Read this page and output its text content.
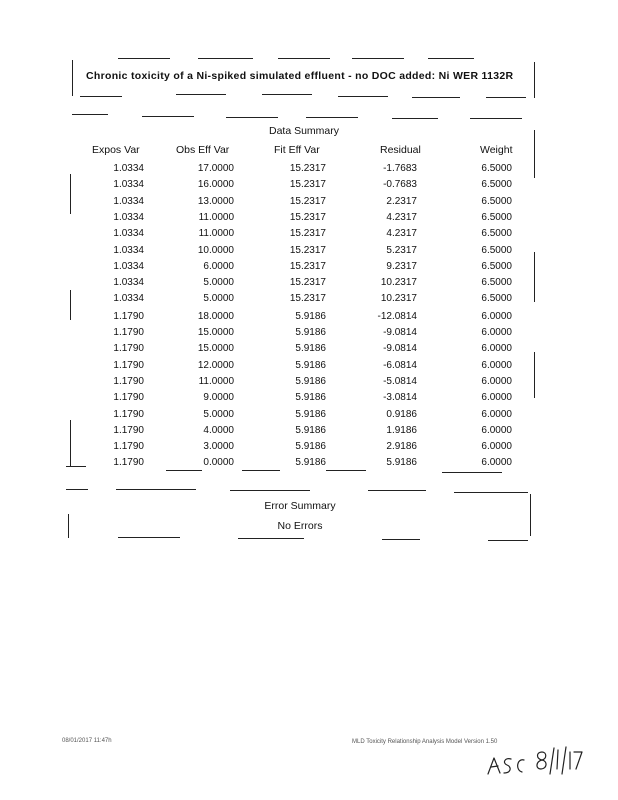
Chronic toxicity of a Ni-spiked simulated effluent - no DOC added: Ni WER 1132R
Data Summary
Expos Var	Obs Eff Var	Fit Eff Var	Residual	Weight
1.0334	17.0000	15.2317	-1.7683	6.5000
1.0334	16.0000	15.2317	-0.7683	6.5000
1.0334	13.0000	15.2317	2.2317	6.5000
1.0334	11.0000	15.2317	4.2317	6.5000
1.0334	11.0000	15.2317	4.2317	6.5000
1.0334	10.0000	15.2317	5.2317	6.5000
1.0334	6.0000	15.2317	9.2317	6.5000
1.0334	5.0000	15.2317	10.2317	6.5000
1.0334	5.0000	15.2317	10.2317	6.5000
1.1790	18.0000	5.9186	-12.0814	6.0000
1.1790	15.0000	5.9186	-9.0814	6.0000
1.1790	15.0000	5.9186	-9.0814	6.0000
1.1790	12.0000	5.9186	-6.0814	6.0000
1.1790	11.0000	5.9186	-5.0814	6.0000
1.1790	9.0000	5.9186	-3.0814	6.0000
1.1790	5.0000	5.9186	0.9186	6.0000
1.1790	4.0000	5.9186	1.9186	6.0000
1.1790	3.0000	5.9186	2.9186	6.0000
1.1790	0.0000	5.9186	5.9186	6.0000
Error Summary
No Errors
08/01/2017 11:47h	MLD Toxicity Relationship Analysis Model Version 1.50
